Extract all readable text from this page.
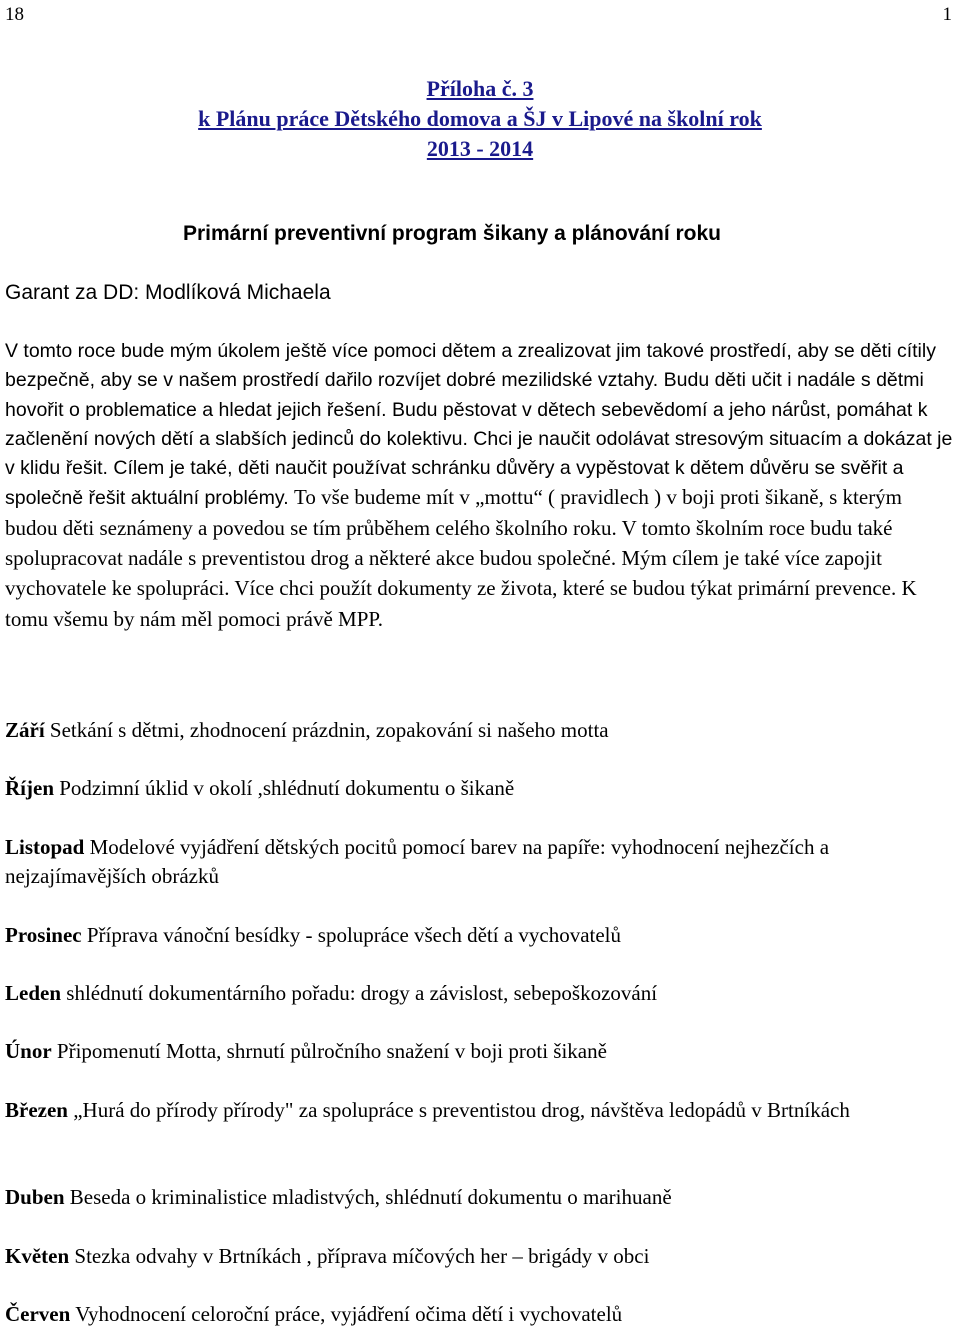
18	1
Příloha č. 3
k Plánu práce Dětského domova a ŠJ v Lipové na školní rok
2013 - 2014
Primární preventivní program šikany a plánování roku
Garant za DD: Modlíková Michaela

V tomto roce bude mým úkolem ještě více pomoci dětem a zrealizovat jim takové prostředí, aby se děti cítily bezpečně, aby se v našem prostředí dařilo rozvíjet dobré mezilidské vztahy. Budu děti učit i nadále s dětmi hovořit o problematice a hledat jejich řešení. Budu pěstovat v dětech sebevědomí a jeho nárůst, pomáhat k začlenění nových dětí a slabších jedinců do kolektivu. Chci je naučit odolávat stresovým situacím a dokázat je v klidu řešit. Cílem je také, děti naučit používat schránku důvěry a vypěstovat k dětem důvěru se svěřit a společně řešit aktuální problémy. To vše budeme mít v „mottu“ ( pravidlech ) v boji proti šikaně, s kterým budou děti seznámeny a povedou se tím průběhem celého školního roku. V tomto školním roce budu také spolupracovat nadále s preventistou drog a některé akce budou společné. Mým cílem je také více zapojit vychovatele ke spolupráci. Více chci použít dokumenty ze života, které se budou týkat primární prevence. K tomu všemu by nám měl pomoci právě MPP.

Září Setkání s dětmi, zhodnocení prázdnin, zopakování si našeho motta

Říjen Podzimní úklid v okolí ,shlédnutí dokumentu o šikaně

Listopad Modelové vyjádření dětských pocitů pomocí barev na papíře: vyhodnocení nejhezčích a nejzajímavějších obrázků

Prosinec Příprava vánoční besídky - spolupráce všech dětí a vychovatelů

Leden shlédnutí dokumentárního pořadu: drogy a závislost, sebepoškozování

Únor Připomenutí Motta, shrnutí půlročního snažení v boji proti šikaně

Březen „Hurá do přírody přírody" za spolupráce s preventistou drog, návštěva ledopádů v Brtníkách

Duben Beseda o kriminalistice mladistvých, shlédnutí dokumentu o marihuaně

Květen Stezka odvahy v Brtníkách , příprava míčových her – brigády v obci

Červen Vyhodnocení celoroční práce, vyjádření očima dětí i vychovatelů
